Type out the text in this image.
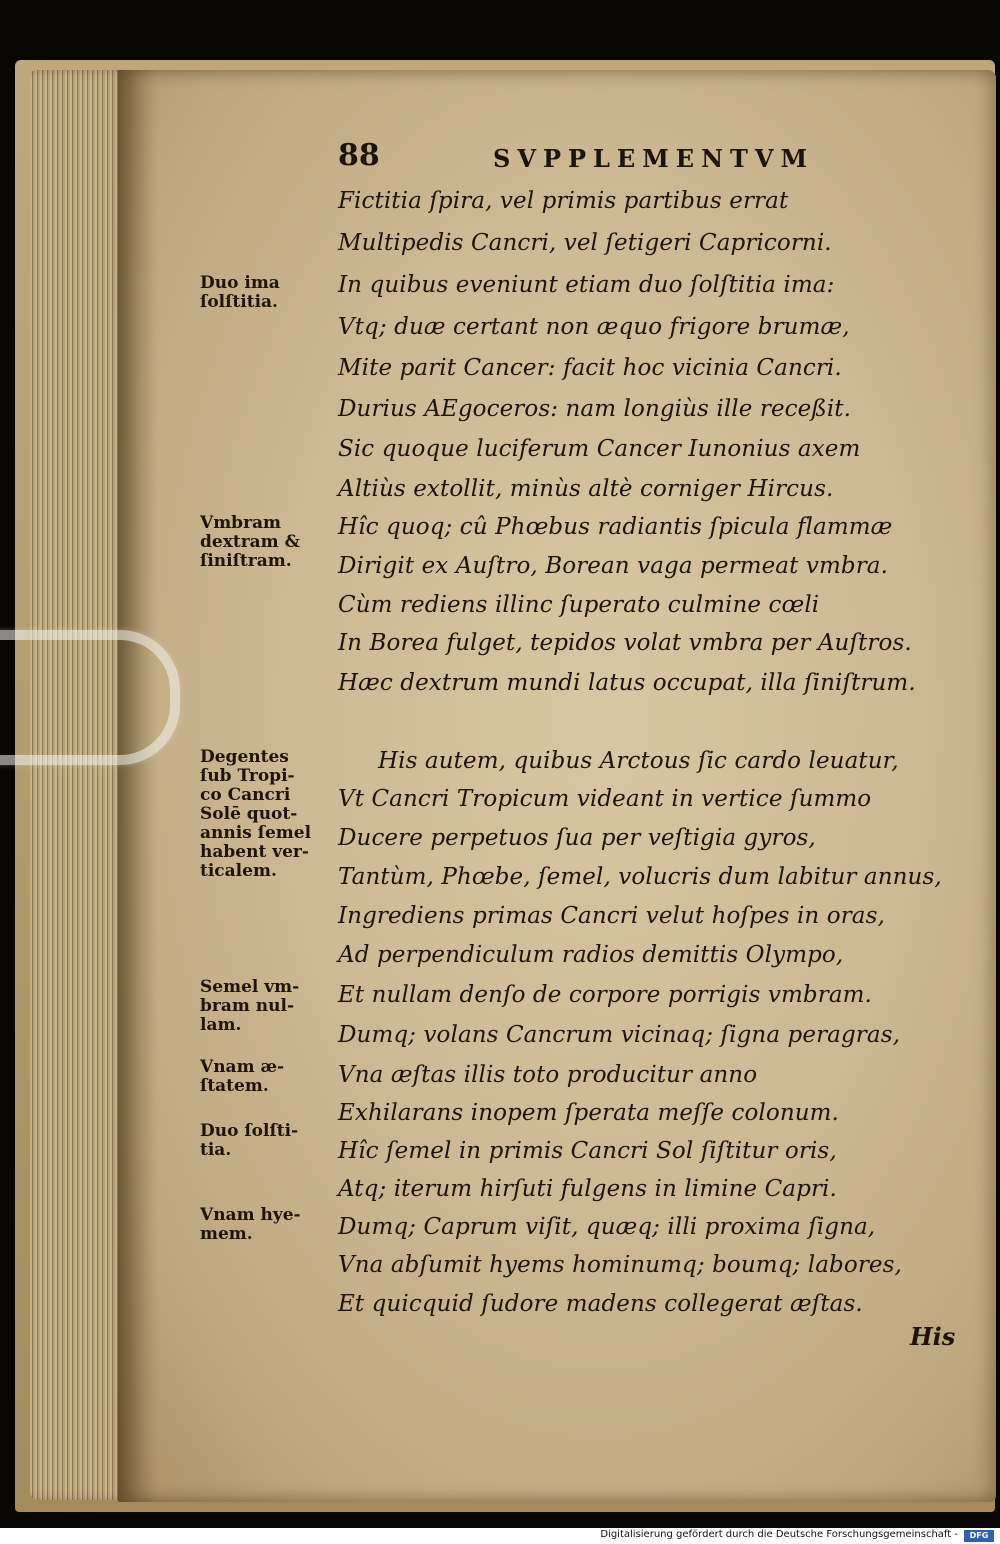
88	SVPPLEMENTVM
Fictitia ſpira, vel primis partibus errat
Multipedis Cancri, vel ſetigeri Capricorni.
In quibus eveniunt etiam duo ſolſtitia ima:
Vtq; duæ certant non æquo frigore brumæ,
Mite parit Cancer: facit hoc vicinia Cancri.
Durius AEgoceros: nam longiùs ille receßit.
Sic quoque luciferum Cancer Iunonius axem
Altiùs extollit, minùs altè corniger Hircus.
Hîc quoq; cû Phœbus radiantis ſpicula flammæ
Dirigit ex Auſtro, Borean vaga permeat vmbra.
Cùm rediens illinc ſuperato culmine cœli
In Borea fulget, tepidos volat vmbra per Auſtros.
Hæc dextrum mundi latus occupat, illa ſiniſtrum.
His autem, quibus Arctous ſic cardo leuatur,
Vt Cancri Tropicum videant in vertice ſummo
Ducere perpetuos ſua per veſtigia gyros,
Tantùm, Phœbe, ſemel, volucris dum labitur annus,
Ingrediens primas Cancri velut hoſpes in oras,
Ad perpendiculum radios demittis Olympo,
Et nullam denſo de corpore porrigis vmbram.
Dumq; volans Cancrum vicinaq; ſigna peragras,
Vna æſtas illis toto producitur anno
Exhilarans inopem ſperata meſſe colonum.
Hîc ſemel in primis Cancri Sol ſiſtitur oris,
Atq; iterum hirſuti fulgens in limine Capri.
Dumq; Caprum viſit, quæq; illi proxima ſigna,
Vna abſumit hyems hominumq; boumq; labores,
Et quicquid ſudore madens collegerat æſtas.
Duo ima
ſolſtitia.
Vmbram
dextram &
ſiniſtram.
Degentes
ſub Tropi-
co Cancri
Solē quot-
annis ſemel
habent ver-
ticalem.
Semel vm-
bram nul-
lam.
Vnam æ-
ſtatem.
Duo ſolſti-
tia.
Vnam hye-
mem.
His
Digitalisierung gefördert durch die Deutsche Forschungsgemeinschaft -	DFG
